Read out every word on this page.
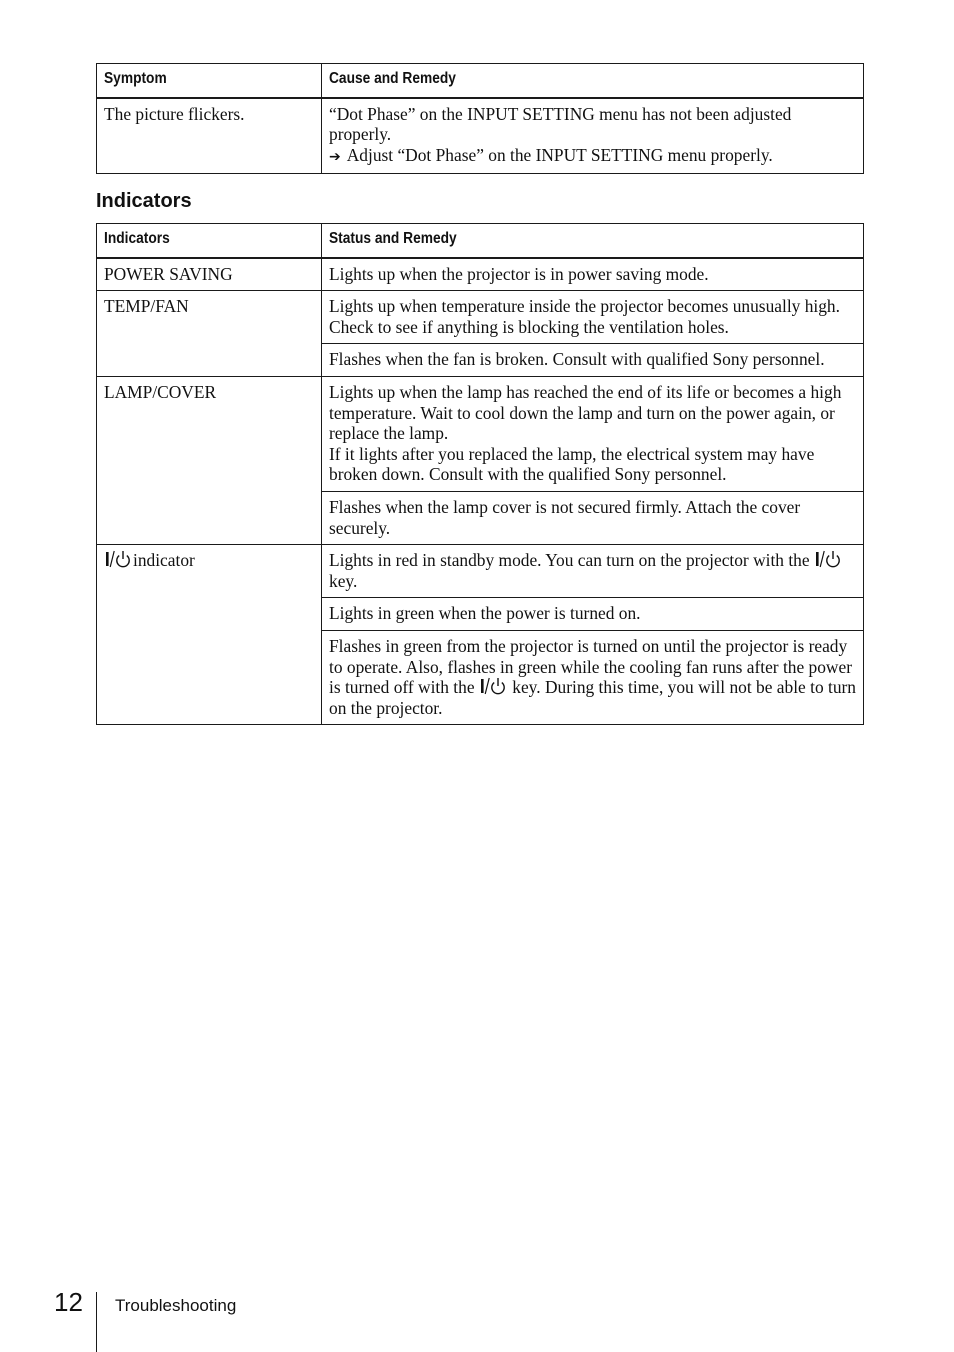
Symptom	Cause and Remedy
The picture flickers.	“Dot Phase” on the INPUT SETTING menu has not been adjusted properly.
➔ Adjust “Dot Phase” on the INPUT SETTING menu properly.
Indicators
Indicators	Status and Remedy
POWER SAVING	Lights up when the projector is in power saving mode.
TEMP/FAN	Lights up when temperature inside the projector becomes unusually high. Check to see if anything is blocking the ventilation holes.
	Flashes when the fan is broken. Consult with qualified Sony personnel.
LAMP/COVER	Lights up when the lamp has reached the end of its life or becomes a high temperature. Wait to cool down the lamp and turn on the power again, or replace the lamp.
If it lights after you replaced the lamp, the electrical system may have broken down. Consult with the qualified Sony personnel.

	Flashes when the lamp cover is not secured firmly. Attach the cover securely.
indicator	Lights in red in standby mode. You can turn on the projector with the  key.
	Lights in green when the power is turned on.
	Flashes in green from the projector is turned on until the projector is ready to operate. Also, flashes in green while the cooling fan runs after the power is turned off with the key. During this time, you will not be able to turn on the projector.
12 Troubleshooting
